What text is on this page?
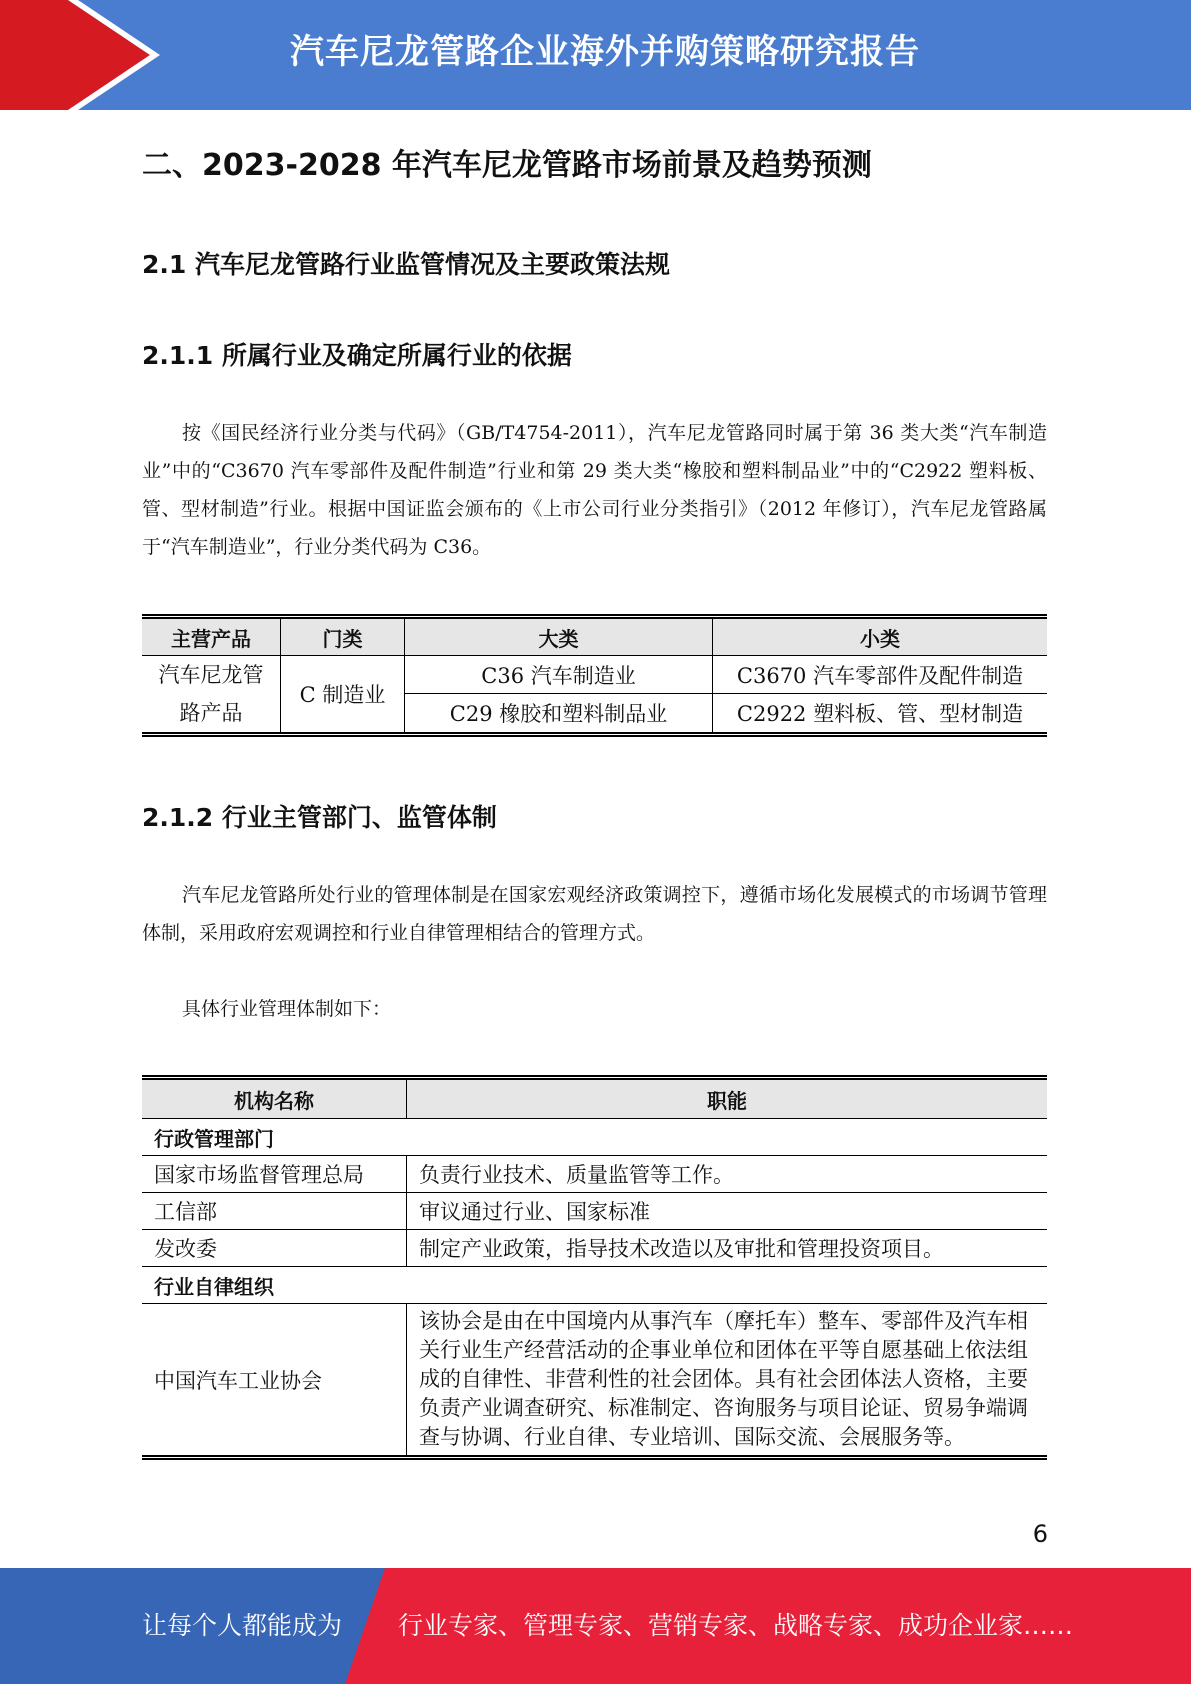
汽车尼龙管路企业海外并购策略研究报告
二、2023-2028 年汽车尼龙管路市场前景及趋势预测
2.1 汽车尼龙管路行业监管情况及主要政策法规
2.1.1 所属行业及确定所属行业的依据

按《国民经济行业分类与代码》（GB/T4754-2011），汽车尼龙管路同时属于第 36 类大类“汽车制造业”中的“C3670 汽车零部件及配件制造”行业和第 29 类大类“橡胶和塑料制品业”中的“C2922 塑料板、管、型材制造”行业。根据中国证监会颁布的《上市公司行业分类指引》（2012 年修订），汽车尼龙管路属于“汽车制造业”，行业分类代码为 C36。

主营产品	门类	大类	小类
汽车尼龙管路产品	C 制造业	C36 汽车制造业	C3670 汽车零部件及配件制造
		C29 橡胶和塑料制品业	C2922 塑料板、管、型材制造
2.1.2 行业主管部门、监管体制

汽车尼龙管路所处行业的管理体制是在国家宏观经济政策调控下，遵循市场化发展模式的市场调节管理体制，采用政府宏观调控和行业自律管理相结合的管理方式。

具体行业管理体制如下：

机构名称	职能
行政管理部门	
国家市场监督管理总局	负责行业技术、质量监管等工作。
工信部	审议通过行业、国家标准
发改委	制定产业政策，指导技术改造以及审批和管理投资项目。
行业自律组织	
中国汽车工业协会	该协会是由在中国境内从事汽车（摩托车）整车、零部件及汽车相关行业生产经营活动的企事业单位和团体在平等自愿基础上依法组成的自律性、非营利性的社会团体。具有社会团体法人资格，主要负责产业调查研究、标准制定、咨询服务与项目论证、贸易争端调查与协调、行业自律、专业培训、国际交流、会展服务等。
6
让每个人都能成为 行业专家、管理专家、营销专家、战略专家、成功企业家……
